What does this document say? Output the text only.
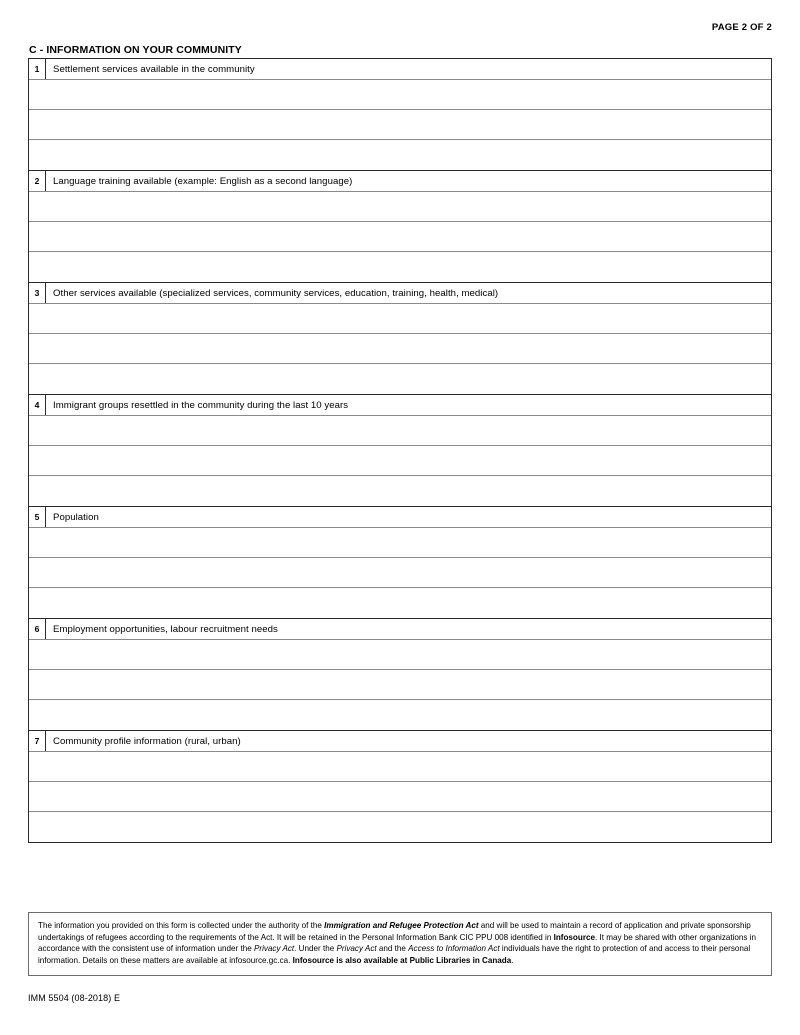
PAGE 2 OF 2
C - INFORMATION ON YOUR COMMUNITY
1	Settlement services available in the community
2	Language training available (example: English as a second language)
3	Other services available (specialized services, community services, education, training, health, medical)
4	Immigrant groups resettled in the community during the last 10 years
5	Population
6	Employment opportunities, labour recruitment needs
7	Community profile information (rural, urban)
The information you provided on this form is collected under the authority of the Immigration and Refugee Protection Act and will be used to maintain a record of application and private sponsorship undertakings of refugees according to the requirements of the Act. It will be retained in the Personal Information Bank CIC PPU 008 identified in Infosource. It may be shared with other organizations in accordance with the consistent use of information under the Privacy Act. Under the Privacy Act and the Access to Information Act individuals have the right to protection of and access to their personal information. Details on these matters are available at infosource.gc.ca. Infosource is also available at Public Libraries in Canada.
IMM 5504 (08-2018) E
